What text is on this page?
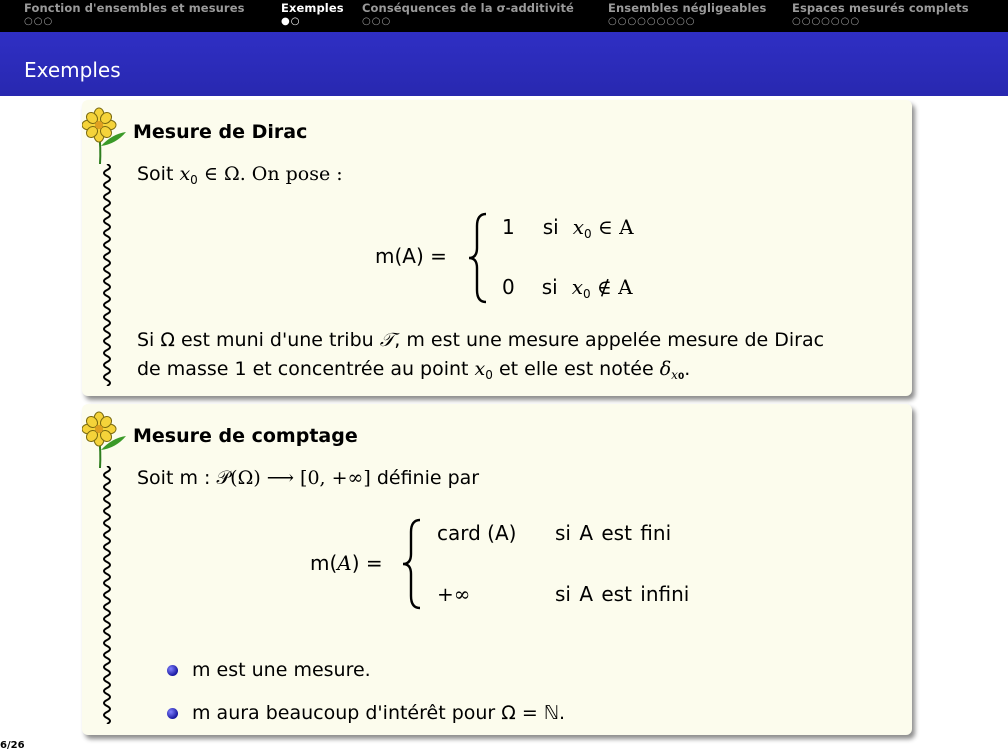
Fonction d'ensembles et mesures
○○○
Exemples
●○
Conséquences de la σ-additivité
○○○
Ensembles négligeables
○○○○○○○○○
Espaces mesurés complets
○○○○○○○
Exemples
Mesure de Dirac
Soit $x_0$ ∈ Ω. On pose :
m(A) =
1 si $x_0$ ∈ A
0 si $x_0$ ∉ A
Si Ω est muni d'une tribu 𝒯, m est une mesure appelée mesure de Dirac
de masse 1 et concentrée au point $x_0$ et elle est notée $\delta_{x0}$.
Mesure de comptage
Soit m : 𝒫(Ω) ⟶ [0, +∞] définie par
m(A) =
card (A) si A est fini
+∞	si A est infini
m est une mesure.
m aura beaucoup d'intérêt pour Ω = ℕ.
6/26
